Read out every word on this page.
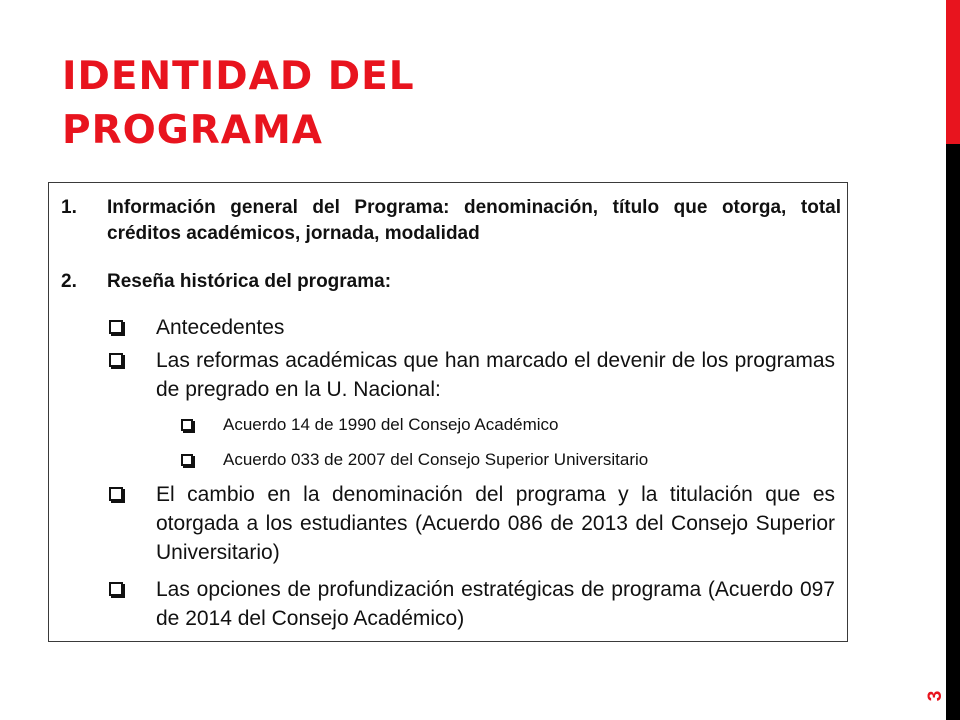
IDENTIDAD DEL
PROGRAMA
1. Información general del Programa: denominación, título que otorga, total créditos académicos, jornada, modalidad
2. Reseña histórica del programa:
Antecedentes
Las reformas académicas que han marcado el devenir de los programas de pregrado en la U. Nacional:
Acuerdo 14 de 1990 del Consejo Académico
Acuerdo 033 de 2007 del Consejo Superior Universitario
El cambio en la denominación del programa y la titulación que es otorgada a los estudiantes (Acuerdo 086 de 2013 del Consejo Superior Universitario)
Las opciones de profundización estratégicas de programa (Acuerdo 097 de 2014 del Consejo Académico)
3
